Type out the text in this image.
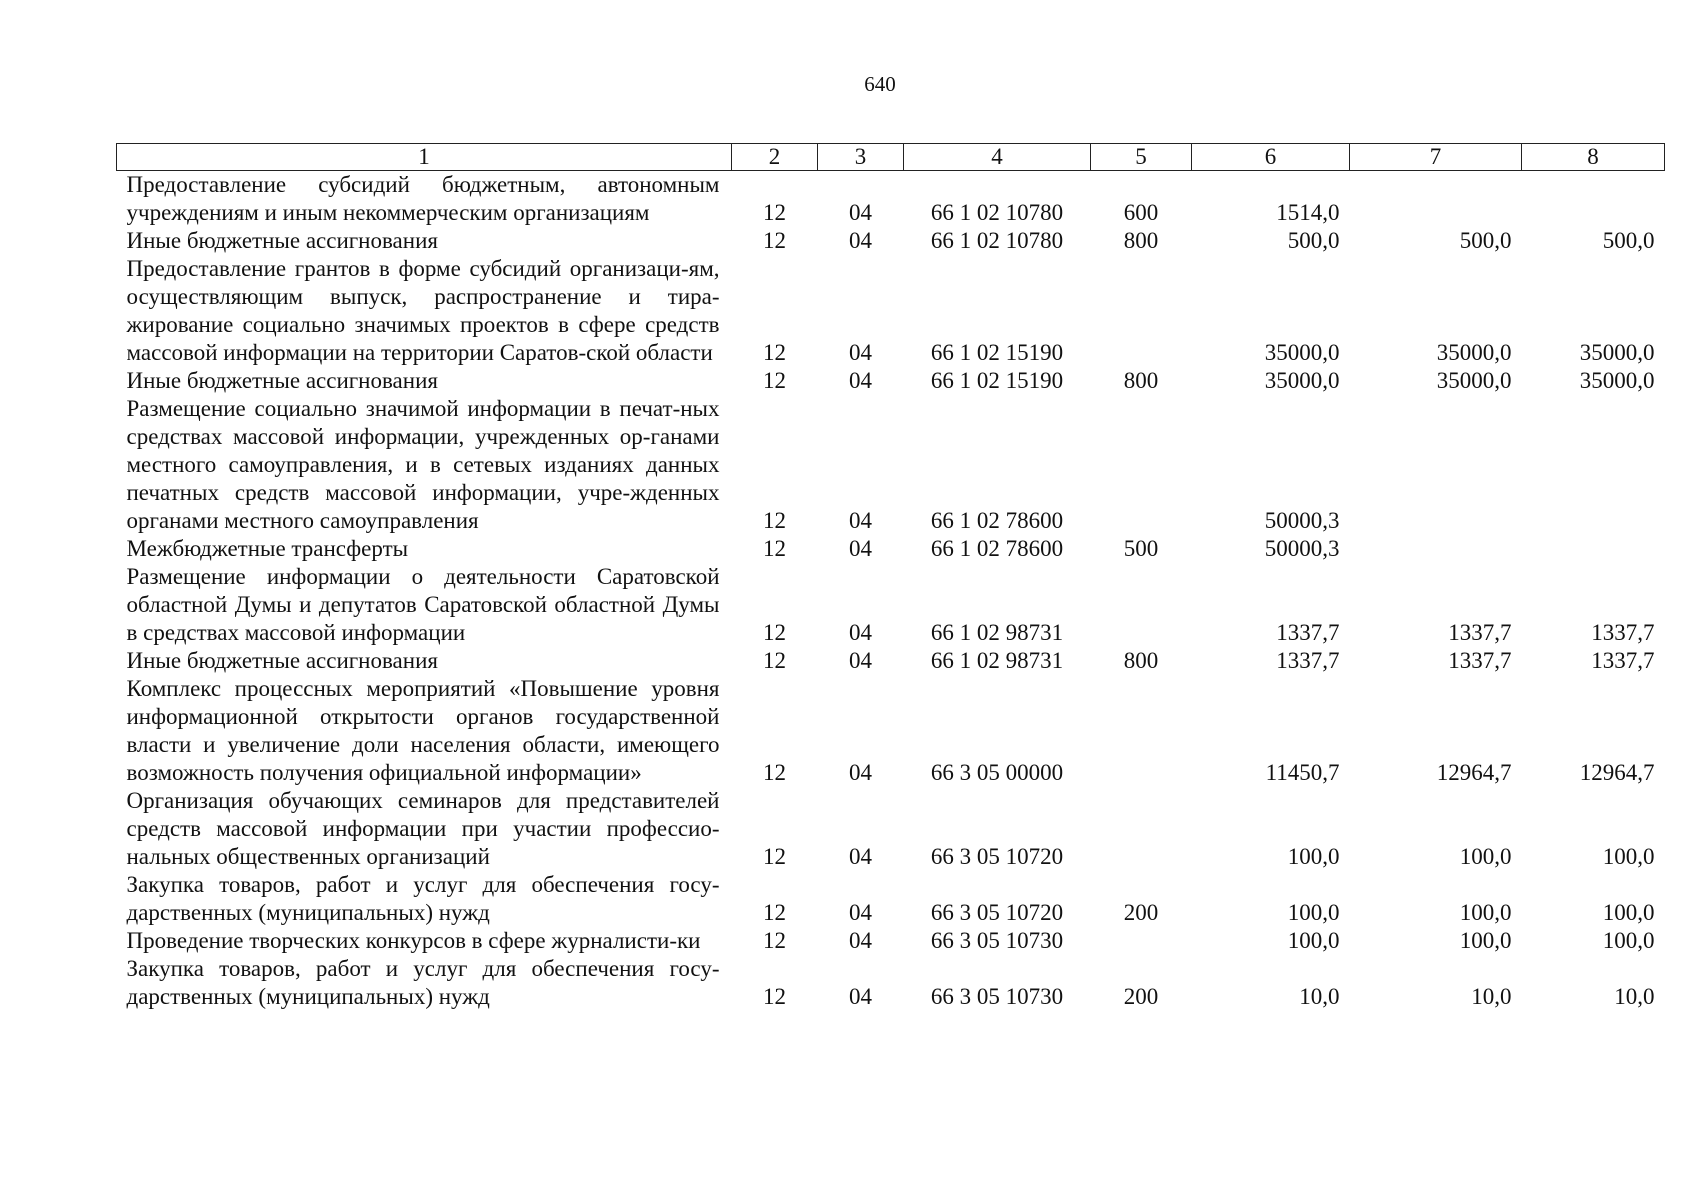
640
1	2	3	4	5	6	7	8
Предоставление субсидий бюджетным, автономным учреждениям и иным некоммерческим организациям	12	04	66 1 02 10780	600	1514,0		
Иные бюджетные ассигнования	12	04	66 1 02 10780	800	500,0	500,0	500,0
Предоставление грантов в форме субсидий организаци-ям, осуществляющим выпуск, распространение и тира-жирование социально значимых проектов в сфере средств массовой информации на территории Саратов-ской области	12	04	66 1 02 15190		35000,0	35000,0	35000,0
Иные бюджетные ассигнования	12	04	66 1 02 15190	800	35000,0	35000,0	35000,0
Размещение социально значимой информации в печат-ных средствах массовой информации, учрежденных ор-ганами местного самоуправления, и в сетевых изданиях данных печатных средств массовой информации, учре-жденных органами местного самоуправления	12	04	66 1 02 78600		50000,3		
Межбюджетные трансферты	12	04	66 1 02 78600	500	50000,3		
Размещение информации о деятельности Саратовской областной Думы и депутатов Саратовской областной Думы в средствах массовой информации	12	04	66 1 02 98731		1337,7	1337,7	1337,7
Иные бюджетные ассигнования	12	04	66 1 02 98731	800	1337,7	1337,7	1337,7
Комплекс процессных мероприятий «Повышение уровня информационной открытости органов государственной власти и увеличение доли населения области, имеющего возможность получения официальной информации»	12	04	66 3 05 00000		11450,7	12964,7	12964,7
Организация обучающих семинаров для представителей средств массовой информации при участии профессио-нальных общественных организаций	12	04	66 3 05 10720		100,0	100,0	100,0
Закупка товаров, работ и услуг для обеспечения госу-дарственных (муниципальных) нужд	12	04	66 3 05 10720	200	100,0	100,0	100,0
Проведение творческих конкурсов в сфере журналисти-ки	12	04	66 3 05 10730		100,0	100,0	100,0
Закупка товаров, работ и услуг для обеспечения госу-дарственных (муниципальных) нужд	12	04	66 3 05 10730	200	10,0	10,0	10,0
